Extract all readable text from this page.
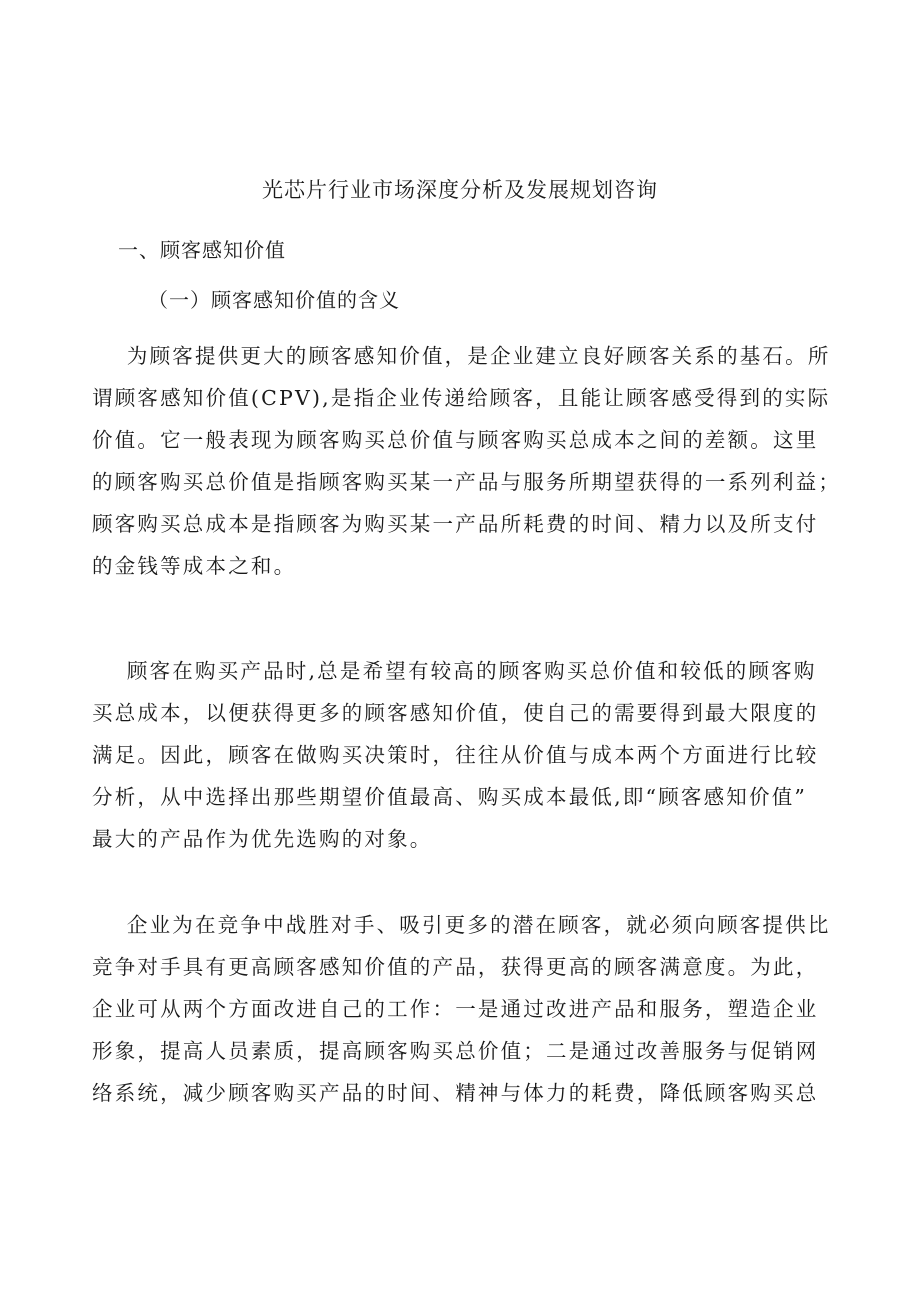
光芯片行业市场深度分析及发展规划咨询
一、顾客感知价值
（一）顾客感知价值的含义
为顾客提供更大的顾客感知价值，是企业建立良好顾客关系的基石。所
谓顾客感知价值(CPV),是指企业传递给顾客，且能让顾客感受得到的实际
价值。它一般表现为顾客购买总价值与顾客购买总成本之间的差额。这里
的顾客购买总价值是指顾客购买某一产品与服务所期望获得的一系列利益；
顾客购买总成本是指顾客为购买某一产品所耗费的时间、精力以及所支付
的金钱等成本之和。
顾客在购买产品时,总是希望有较高的顾客购买总价值和较低的顾客购
买总成本，以便获得更多的顾客感知价值，使自己的需要得到最大限度的
满足。因此，顾客在做购买决策时，往往从价值与成本两个方面进行比较
分析，从中选择出那些期望价值最高、购买成本最低,即“顾客感知价值”
最大的产品作为优先选购的对象。
企业为在竞争中战胜对手、吸引更多的潜在顾客，就必须向顾客提供比
竞争对手具有更高顾客感知价值的产品，获得更高的顾客满意度。为此，
企业可从两个方面改进自己的工作：一是通过改进产品和服务，塑造企业
形象，提高人员素质，提高顾客购买总价值；二是通过改善服务与促销网
络系统，减少顾客购买产品的时间、精神与体力的耗费，降低顾客购买总
